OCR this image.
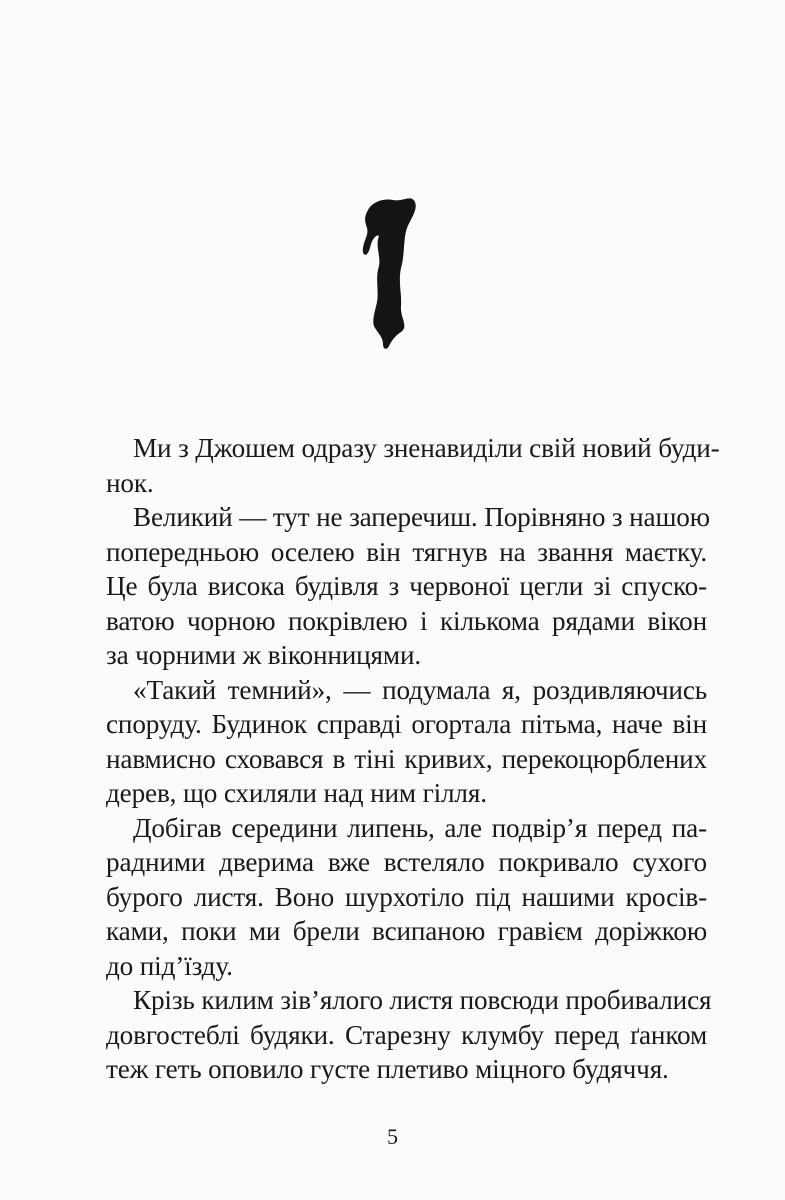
Ми з Джошем одразу зненавиділи свій новий буди-
нок.

Великий — тут не заперечиш. Порівняно з нашою
попередньою оселею він тягнув на звання маєтку.
Це була висока будівля з червоної цегли зі спуско-
ватою чорною покрівлею і кількома рядами вікон
за чорними ж віконницями.

«Такий темний», — подумала я, роздивляючись
споруду. Будинок справді огортала пітьма, наче він
навмисно сховався в тіні кривих, перекоцюрблених
дерев, що схиляли над ним гілля.

Добігав середини липень, але подвір’я перед па-
радними дверима вже встеляло покривало сухого
бурого листя. Воно шурхотіло під нашими кросів-
ками, поки ми брели всипаною гравієм доріжкою
до під’їзду.

Крізь килим зів’ялого листя повсюди пробивалися
довгостеблі будяки. Старезну клумбу перед ґанком
теж геть оповило густе плетиво міцного будяччя.

5
